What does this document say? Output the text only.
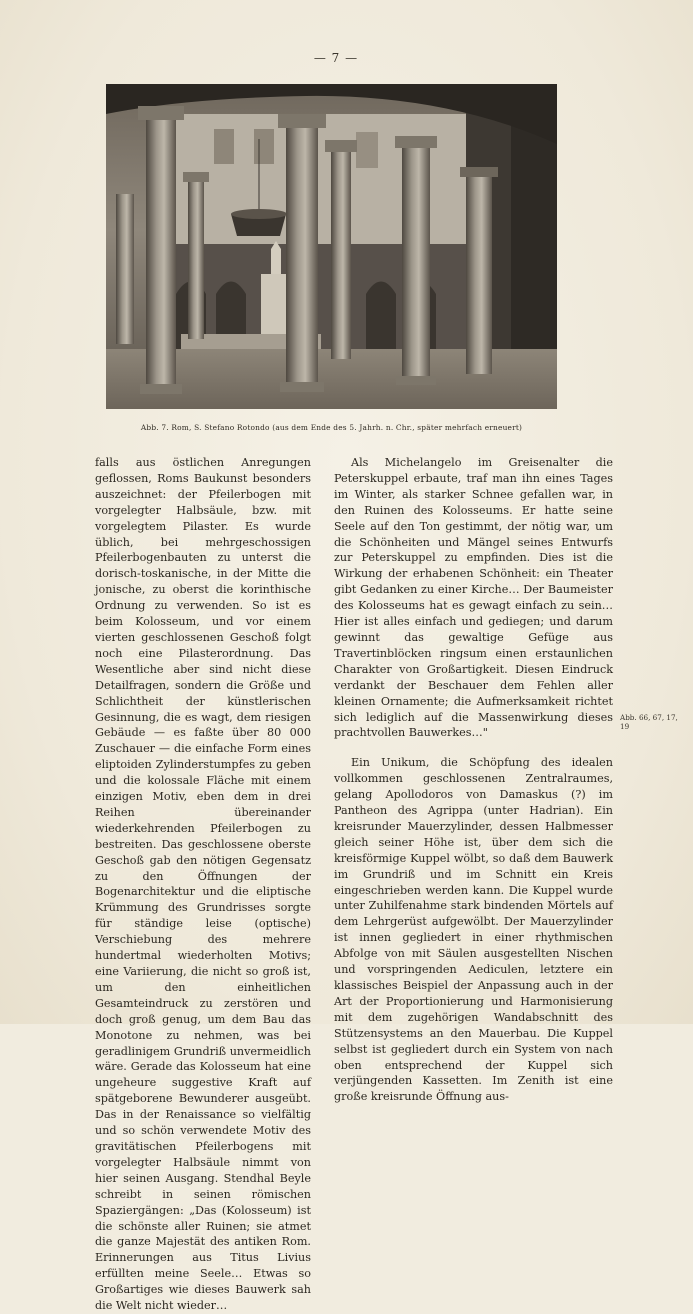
— 7 —
Abb. 7. Rom, S. Stefano Rotondo (aus dem Ende des 5. Jahrh. n. Chr., später mehrfach erneuert)

falls aus östlichen Anregungen geflossen, Roms Baukunst besonders auszeichnet: der Pfeilerbogen mit vorgelegter Halbsäule, bzw. mit vorgelegtem Pilaster. Es wurde üblich, bei mehrgeschossigen Pfeilerbogenbauten zu unterst die dorisch-toskanische, in der Mitte die jonische, zu oberst die korinthische Ordnung zu verwenden. So ist es beim Kolosseum, und vor einem vierten geschlossenen Geschoß folgt noch eine Pilasterordnung. Das Wesentliche aber sind nicht diese Detailfragen, sondern die Größe und Schlichtheit der künstlerischen Gesinnung, die es wagt, dem riesigen Gebäude — es faßte über 80 000 Zuschauer — die einfache Form eines eliptoiden Zylinderstumpfes zu geben und die kolossale Fläche mit einem einzigen Motiv, eben dem in drei Reihen übereinander wiederkehrenden Pfeilerbogen zu bestreiten. Das geschlossene oberste Geschoß gab den nötigen Gegensatz zu den Öffnungen der Bogenarchitektur und die eliptische Krümmung des Grundrisses sorgte für ständige leise (optische) Verschiebung des mehrere hundertmal wiederholten Motivs; eine Variierung, die nicht so groß ist, um den einheitlichen Gesamteindruck zu zerstören und doch groß genug, um dem Bau das Monotone zu nehmen, was bei geradlinigem Grundriß unvermeidlich wäre. Gerade das Kolosseum hat eine ungeheure suggestive Kraft auf spätgeborene Bewunderer ausgeübt. Das in der Renaissance so vielfältig und so schön verwendete Motiv des gravitätischen Pfeilerbogens mit vorgelegter Halbsäule nimmt von hier seinen Ausgang. Stendhal Beyle schreibt in seinen römischen Spaziergängen: „Das (Kolosseum) ist die schönste aller Ruinen; sie atmet die ganze Majestät des antiken Rom. Erinnerungen aus Titus Livius erfüllten meine Seele… Etwas so Großartiges wie dieses Bauwerk sah die Welt nicht wieder…

Als Michelangelo im Greisenalter die Peterskuppel erbaute, traf man ihn eines Tages im Winter, als starker Schnee gefallen war, in den Ruinen des Kolosseums. Er hatte seine Seele auf den Ton gestimmt, der nötig war, um die Schönheiten und Mängel seines Entwurfs zur Peterskuppel zu empfinden. Dies ist die Wirkung der erhabenen Schönheit: ein Theater gibt Gedanken zu einer Kirche… Der Baumeister des Kolosseums hat es gewagt einfach zu sein… Hier ist alles einfach und gediegen; und darum gewinnt das gewaltige Gefüge aus Travertinblöcken ringsum einen erstaunlichen Charakter von Großartigkeit. Diesen Eindruck verdankt der Beschauer dem Fehlen aller kleinen Ornamente; die Aufmerksamkeit richtet sich lediglich auf die Massenwirkung dieses prachtvollen Bauwerkes…"

Ein Unikum, die Schöpfung des idealen vollkommen geschlossenen Zentralraumes, gelang Apollodoros von Damaskus (?) im Pantheon des Agrippa (unter Hadrian). Ein kreisrunder Mauerzylinder, dessen Halbmesser gleich seiner Höhe ist, über dem sich die kreisförmige Kuppel wölbt, so daß dem Bauwerk im Grundriß und im Schnitt ein Kreis eingeschrieben werden kann. Die Kuppel wurde unter Zuhilfenahme stark bindenden Mörtels auf dem Lehrgerüst aufgewölbt. Der Mauerzylinder ist innen gegliedert in einer rhythmischen Abfolge von mit Säulen ausgestellten Nischen und vorspringenden Aediculen, letztere ein klassisches Beispiel der Anpassung auch in der Art der Proportionierung und Harmonisierung mit dem zugehörigen Wandabschnitt des Stützensystems an den Mauerbau. Die Kuppel selbst ist gegliedert durch ein System von nach oben entsprechend der Kuppel sich verjüngenden Kassetten. Im Zenith ist eine große kreisrunde Öffnung aus-

Abb. 66, 67, 17, 19
